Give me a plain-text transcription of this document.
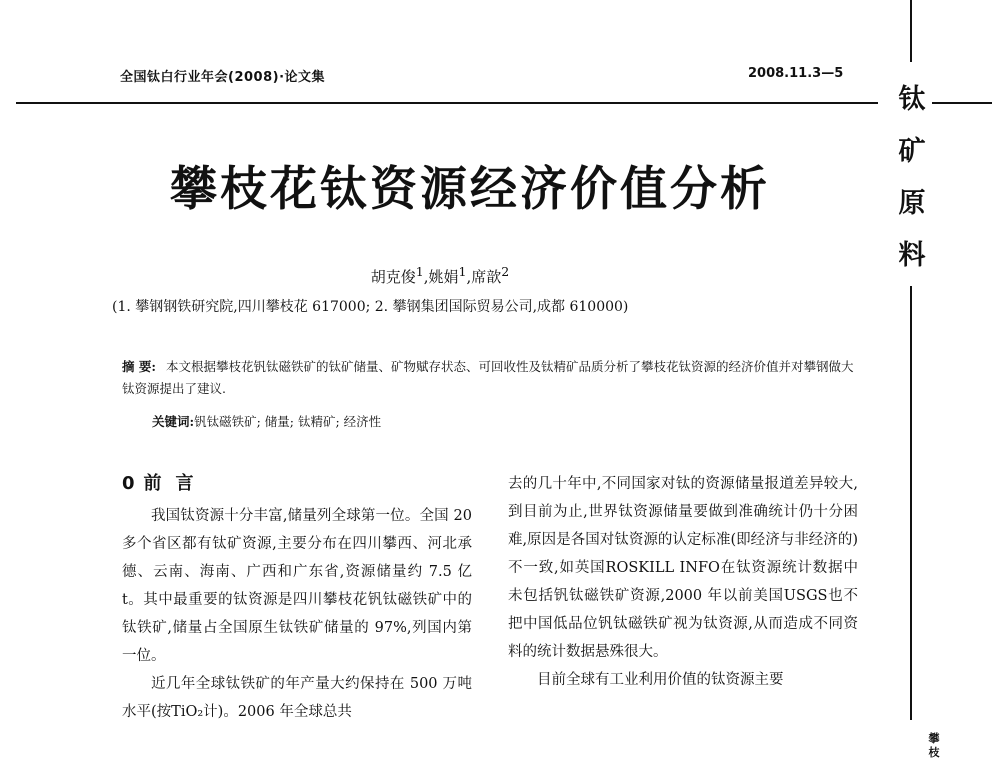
全国钛白行业年会(2008)·论文集	2008.11.3—5
钛
矿
原
料
攀枝花钛资源经济价值分析
胡克俊$^1$,姚娟$^1$,席歆$^2$
(1. 攀钢钢铁研究院,四川攀枝花 617000; 2. 攀钢集团国际贸易公司,成都 610000)
摘 要: 本文根据攀枝花钒钛磁铁矿的钛矿储量、矿物赋存状态、可回收性及钛精矿品质分析了攀枝花钛资源的经济价值并对攀钢做大钛资源提出了建议.
关键词:钒钛磁铁矿; 储量; 钛精矿; 经济性
0 前言

我国钛资源十分丰富,储量列全球第一位。全国 20 多个省区都有钛矿资源,主要分布在四川攀西、河北承德、云南、海南、广西和广东省,资源储量约 7.5 亿 t。其中最重要的钛资源是四川攀枝花钒钛磁铁矿中的钛铁矿,储量占全国原生钛铁矿储量的 97%,列国内第一位。

近几年全球钛铁矿的年产量大约保持在 500 万吨水平(按TiO₂计)。2006 年全球总共

去的几十年中,不同国家对钛的资源储量报道差异较大,到目前为止,世界钛资源储量要做到准确统计仍十分困难,原因是各国对钛资源的认定标准(即经济与非经济的)不一致,如英国ROSKILL INFO在钛资源统计数据中未包括钒钛磁铁矿资源,2000 年以前美国USGS也不把中国低品位钒钛磁铁矿视为钛资源,从而造成不同资料的统计数据悬殊很大。

目前全球有工业利用价值的钛资源主要

攀
枝
